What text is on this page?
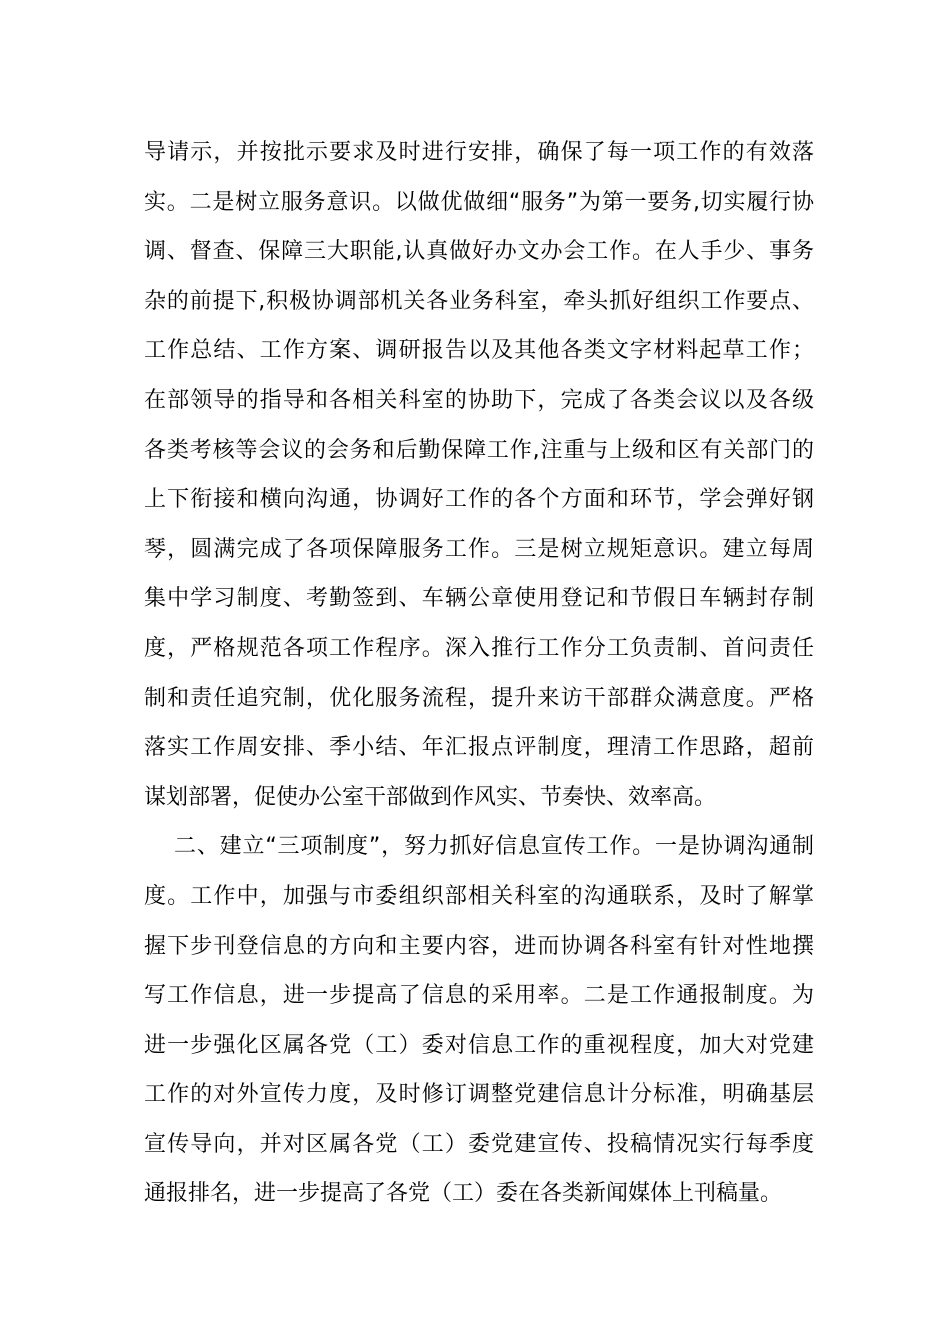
导请示，并按批示要求及时进行安排，确保了每一项工作的有效落
实。二是树立服务意识。以做优做细“服务”为第一要务,切实履行协
调、督查、保障三大职能,认真做好办文办会工作。在人手少、事务
杂的前提下,积极协调部机关各业务科室，牵头抓好组织工作要点、
工作总结、工作方案、调研报告以及其他各类文字材料起草工作；
在部领导的指导和各相关科室的协助下，完成了各类会议以及各级
各类考核等会议的会务和后勤保障工作,注重与上级和区有关部门的
上下衔接和横向沟通，协调好工作的各个方面和环节，学会弹好钢
琴，圆满完成了各项保障服务工作。三是树立规矩意识。建立每周
集中学习制度、考勤签到、车辆公章使用登记和节假日车辆封存制
度，严格规范各项工作程序。深入推行工作分工负责制、首问责任
制和责任追究制，优化服务流程，提升来访干部群众满意度。严格
落实工作周安排、季小结、年汇报点评制度，理清工作思路，超前
谋划部署，促使办公室干部做到作风实、节奏快、效率高。
二、建立“三项制度”，努力抓好信息宣传工作。一是协调沟通制
度。工作中，加强与市委组织部相关科室的沟通联系，及时了解掌
握下步刊登信息的方向和主要内容，进而协调各科室有针对性地撰
写工作信息，进一步提高了信息的采用率。二是工作通报制度。为
进一步强化区属各党（工）委对信息工作的重视程度，加大对党建
工作的对外宣传力度，及时修订调整党建信息计分标准，明确基层
宣传导向，并对区属各党（工）委党建宣传、投稿情况实行每季度
通报排名，进一步提高了各党（工）委在各类新闻媒体上刊稿量。
